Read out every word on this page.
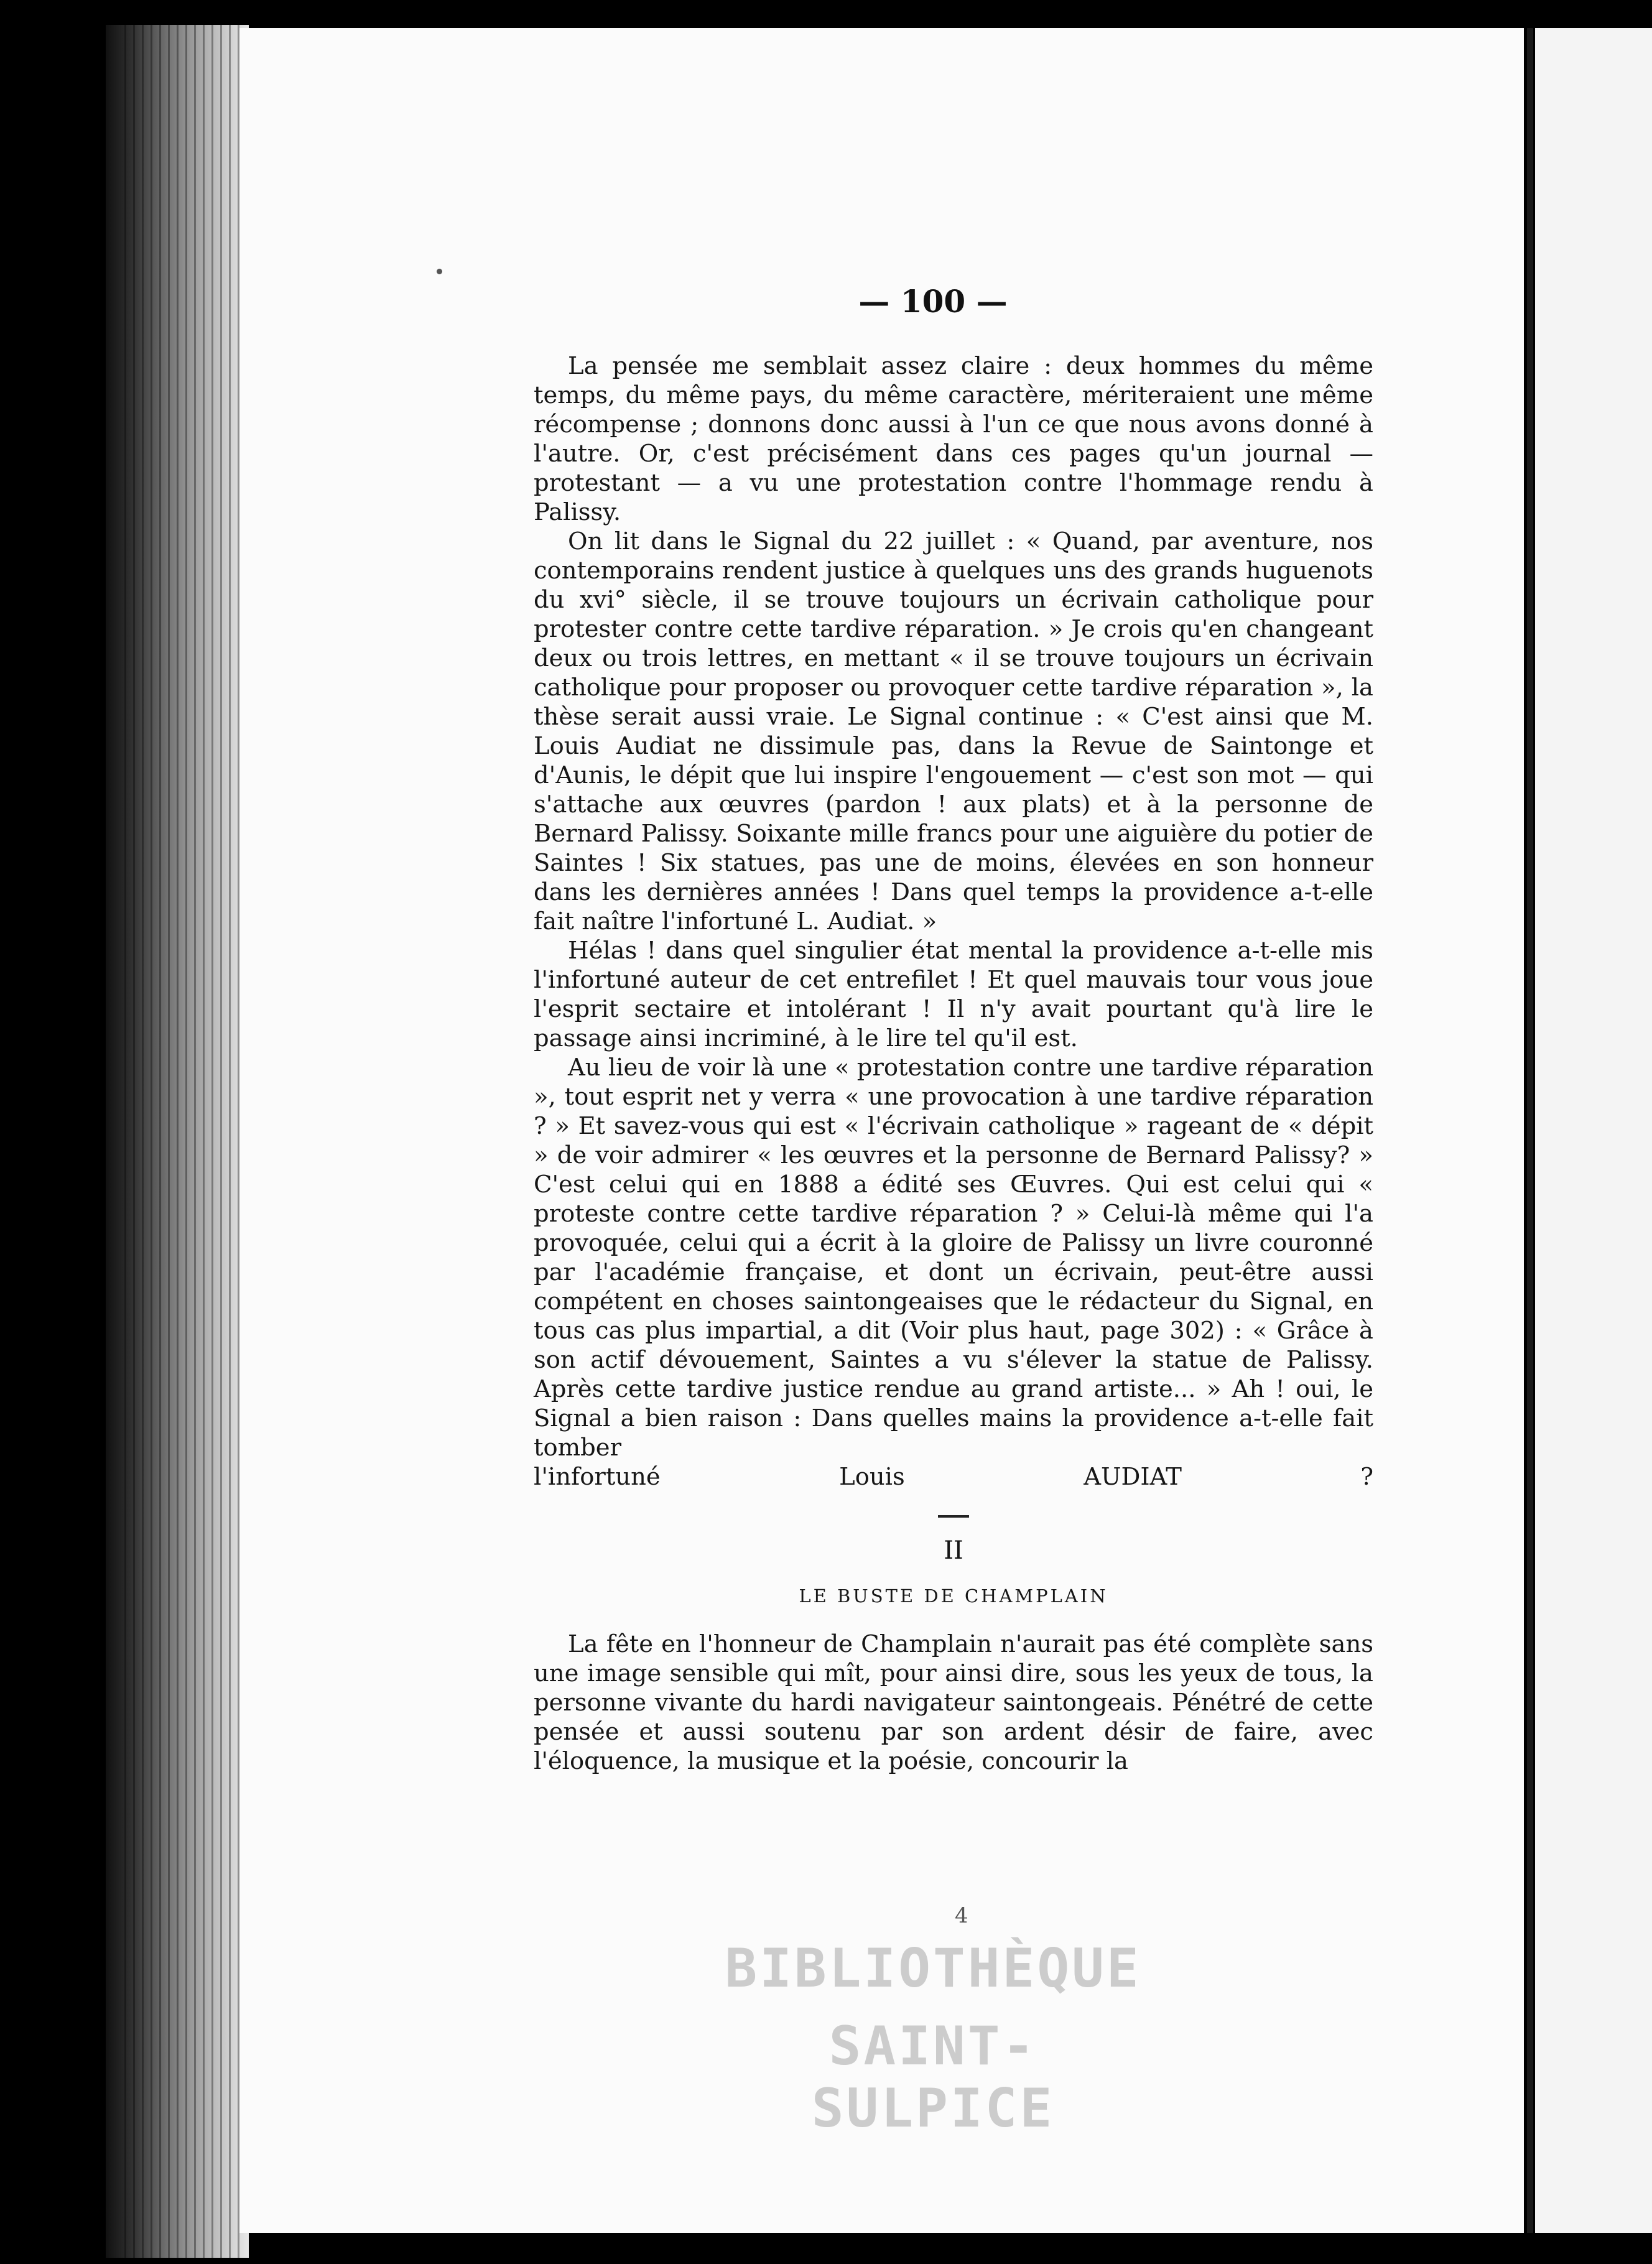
— 100 —

La pensée me semblait assez claire : deux hommes du même temps, du même pays, du même caractère, mériteraient une même récompense ; donnons donc aussi à l'un ce que nous avons donné à l'autre. Or, c'est précisément dans ces pages qu'un journal — protestant — a vu une protestation contre l'hommage rendu à Palissy.

On lit dans le Signal du 22 juillet : « Quand, par aventure, nos contemporains rendent justice à quelques uns des grands huguenots du xvi° siècle, il se trouve toujours un écrivain catholique pour protester contre cette tardive réparation. » Je crois qu'en changeant deux ou trois lettres, en mettant « il se trouve toujours un écrivain catholique pour proposer ou provoquer cette tardive réparation », la thèse serait aussi vraie. Le Signal continue : « C'est ainsi que M. Louis Audiat ne dissimule pas, dans la Revue de Saintonge et d'Aunis, le dépit que lui inspire l'engouement — c'est son mot — qui s'attache aux œuvres (pardon ! aux plats) et à la personne de Bernard Palissy. Soixante mille francs pour une aiguière du potier de Saintes ! Six statues, pas une de moins, élevées en son honneur dans les dernières années ! Dans quel temps la providence a-t-elle fait naître l'infortuné L. Audiat. »

Hélas ! dans quel singulier état mental la providence a-t-elle mis l'infortuné auteur de cet entrefilet ! Et quel mauvais tour vous joue l'esprit sectaire et intolérant ! Il n'y avait pourtant qu'à lire le passage ainsi incriminé, à le lire tel qu'il est.

Au lieu de voir là une « protestation contre une tardive réparation », tout esprit net y verra « une provocation à une tardive réparation ? » Et savez-vous qui est « l'écrivain catholique » rageant de « dépit » de voir admirer « les œuvres et la personne de Bernard Palissy? » C'est celui qui en 1888 a édité ses Œuvres. Qui est celui qui « proteste contre cette tardive réparation ? » Celui-là même qui l'a provoquée, celui qui a écrit à la gloire de Palissy un livre couronné par l'académie française, et dont un écrivain, peut-être aussi compétent en choses saintongeaises que le rédacteur du Signal, en tous cas plus impartial, a dit (Voir plus haut, page 302) : « Grâce à son actif dévouement, Saintes a vu s'élever la statue de Palissy. Après cette tardive justice rendue au grand artiste... » Ah ! oui, le Signal a bien raison : Dans quelles mains la providence a-t-elle fait tomber

l'infortuné	Louis AUDIAT ?

II
LE BUSTE DE CHAMPLAIN

La fête en l'honneur de Champlain n'aurait pas été complète sans une image sensible qui mît, pour ainsi dire, sous les yeux de tous, la personne vivante du hardi navigateur saintongeais. Pénétré de cette pensée et aussi soutenu par son ardent désir de faire, avec l'éloquence, la musique et la poésie, concourir la

4
BIBLIOTHÈQUE
SAINT-SULPICE
